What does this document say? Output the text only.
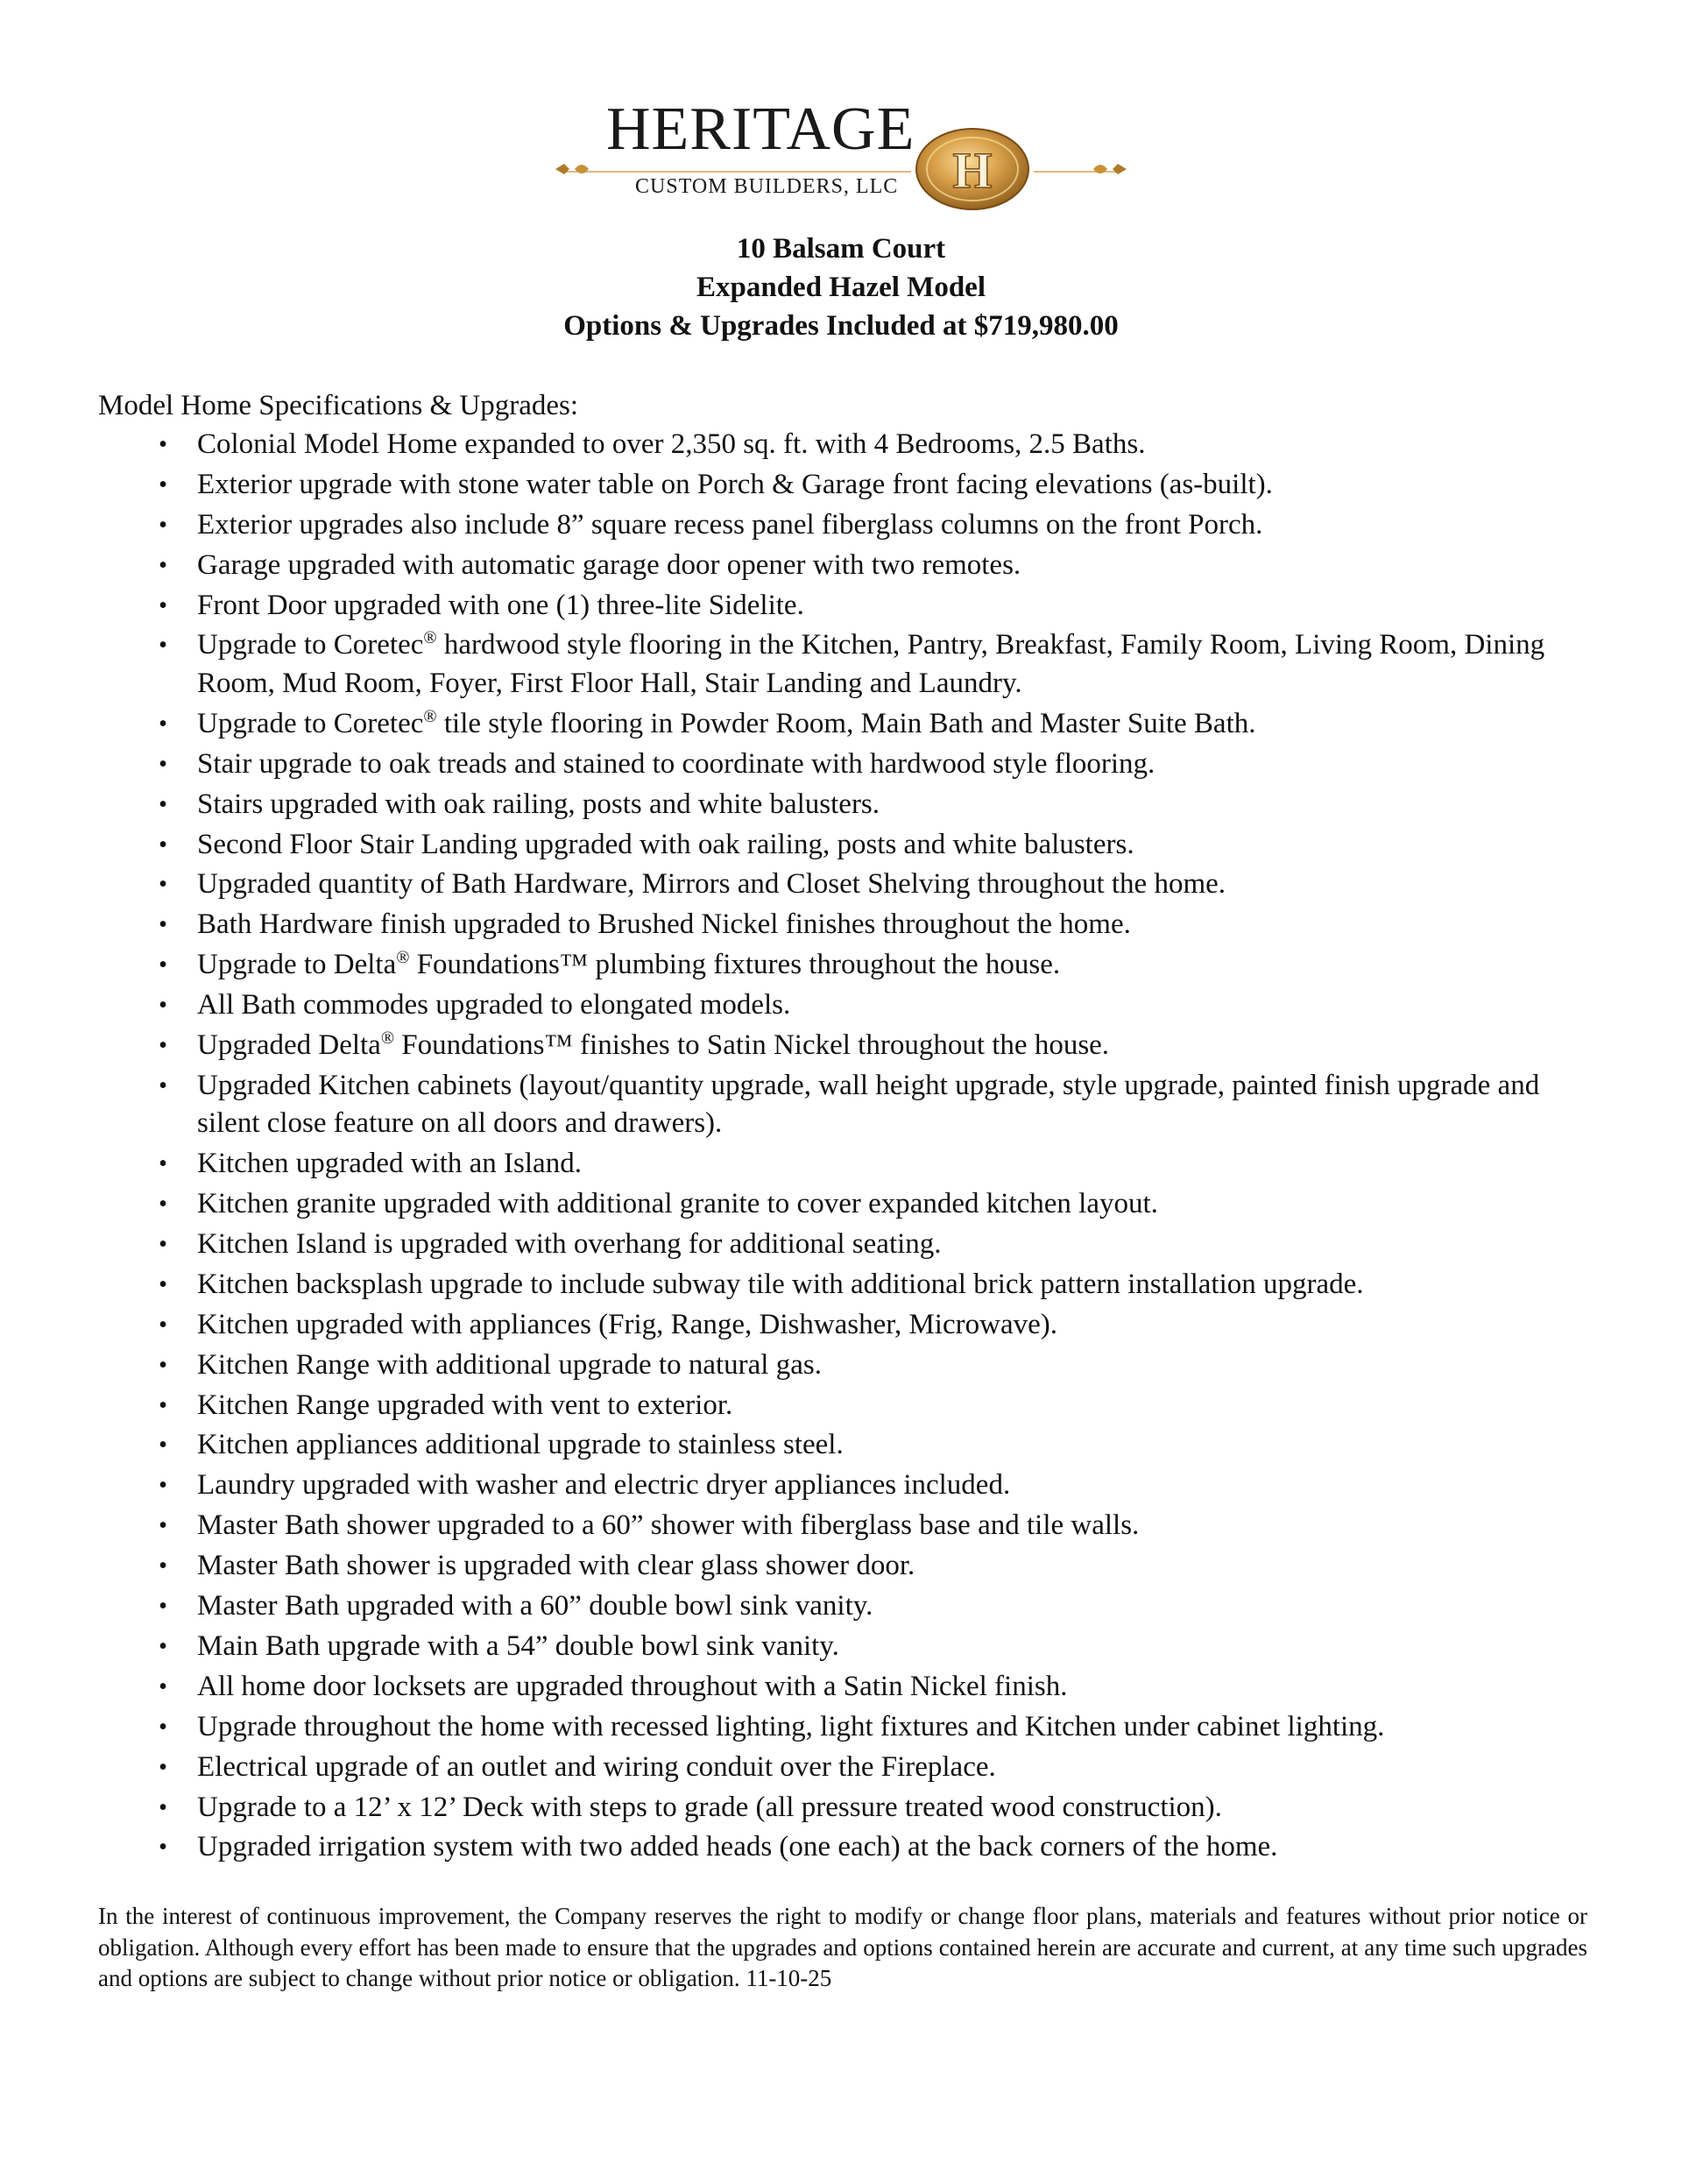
HERITAGE
CUSTOM BUILDERS, LLC H
10 Balsam Court
Expanded Hazel Model
Options & Upgrades Included at $719,980.00
Model Home Specifications & Upgrades:
• Colonial Model Home expanded to over 2,350 sq. ft. with 4 Bedrooms, 2.5 Baths.
• Exterior upgrade with stone water table on Porch & Garage front facing elevations (as-built).
• Exterior upgrades also include 8” square recess panel fiberglass columns on the front Porch.
• Garage upgraded with automatic garage door opener with two remotes.
• Front Door upgraded with one (1) three-lite Sidelite.
• Upgrade to Coretec® hardwood style flooring in the Kitchen, Pantry, Breakfast, Family Room, Living Room, Dining Room, Mud Room, Foyer, First Floor Hall, Stair Landing and Laundry.
• Upgrade to Coretec® tile style flooring in Powder Room, Main Bath and Master Suite Bath.
• Stair upgrade to oak treads and stained to coordinate with hardwood style flooring.
• Stairs upgraded with oak railing, posts and white balusters.
• Second Floor Stair Landing upgraded with oak railing, posts and white balusters.
• Upgraded quantity of Bath Hardware, Mirrors and Closet Shelving throughout the home.
• Bath Hardware finish upgraded to Brushed Nickel finishes throughout the home.
• Upgrade to Delta® Foundations™ plumbing fixtures throughout the house.
• All Bath commodes upgraded to elongated models.
• Upgraded Delta® Foundations™ finishes to Satin Nickel throughout the house.
• Upgraded Kitchen cabinets (layout/quantity upgrade, wall height upgrade, style upgrade, painted finish upgrade and silent close feature on all doors and drawers).
• Kitchen upgraded with an Island.
• Kitchen granite upgraded with additional granite to cover expanded kitchen layout.
• Kitchen Island is upgraded with overhang for additional seating.
• Kitchen backsplash upgrade to include subway tile with additional brick pattern installation upgrade.
• Kitchen upgraded with appliances (Frig, Range, Dishwasher, Microwave).
• Kitchen Range with additional upgrade to natural gas.
• Kitchen Range upgraded with vent to exterior.
• Kitchen appliances additional upgrade to stainless steel.
• Laundry upgraded with washer and electric dryer appliances included.
• Master Bath shower upgraded to a 60” shower with fiberglass base and tile walls.
• Master Bath shower is upgraded with clear glass shower door.
• Master Bath upgraded with a 60” double bowl sink vanity.
• Main Bath upgrade with a 54” double bowl sink vanity.
• All home door locksets are upgraded throughout with a Satin Nickel finish.
• Upgrade throughout the home with recessed lighting, light fixtures and Kitchen under cabinet lighting.
• Electrical upgrade of an outlet and wiring conduit over the Fireplace.
• Upgrade to a 12’ x 12’ Deck with steps to grade (all pressure treated wood construction).
• Upgraded irrigation system with two added heads (one each) at the back corners of the home.
In the interest of continuous improvement, the Company reserves the right to modify or change floor plans, materials and features without prior notice or obligation. Although every effort has been made to ensure that the upgrades and options contained herein are accurate and current, at any time such upgrades and options are subject to change without prior notice or obligation. 11-10-25
